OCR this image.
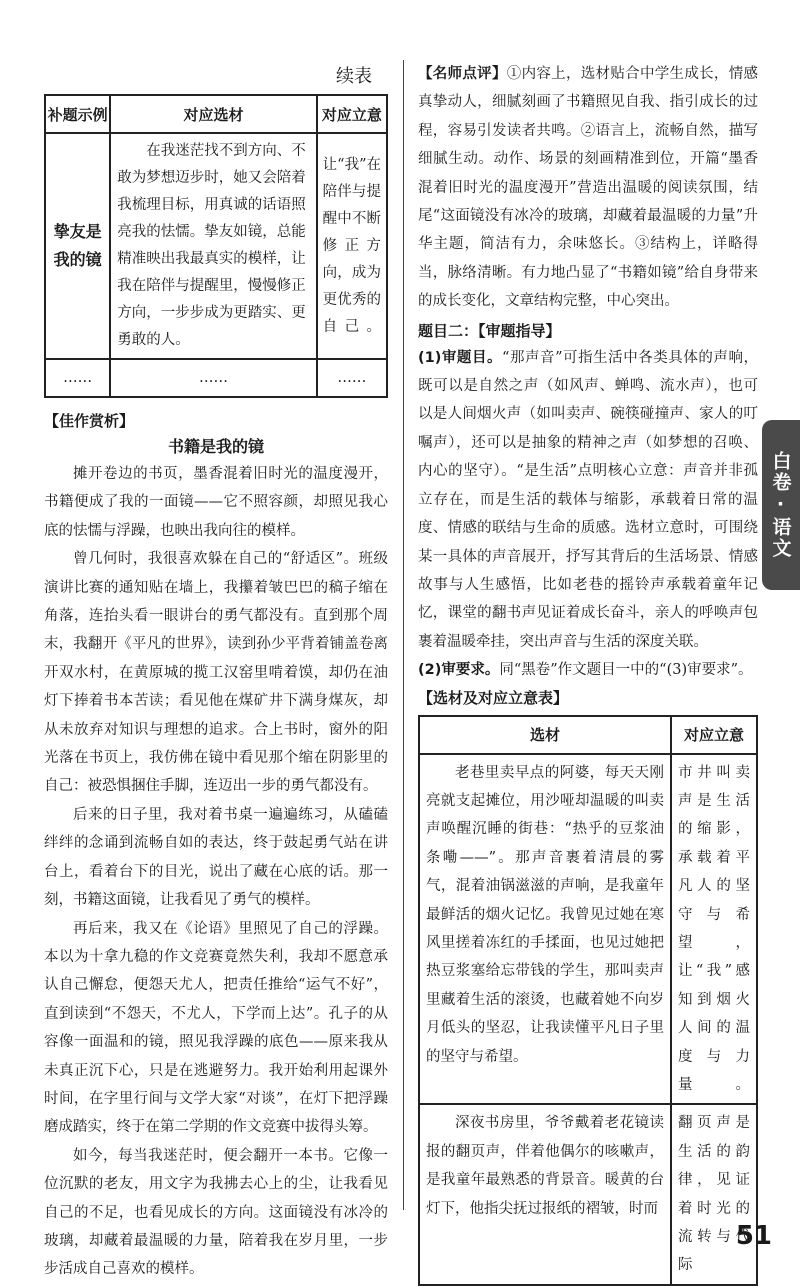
续表
补题示例	对应选材	对应立意
挚友是我的镜	在我迷茫找不到方向、不敢为梦想迈步时，她又会陪着我梳理目标，用真诚的话语照亮我的怯懦。挚友如镜，总能精准映出我最真实的模样，让我在陪伴与提醒里，慢慢修正方向，一步步成为更踏实、更勇敢的人。	让“我”在陪伴与提醒中不断修正方向，成为更优秀的自己。
……	……	……
【佳作赏析】
书籍是我的镜

摊开卷边的书页，墨香混着旧时光的温度漫开，书籍便成了我的一面镜——它不照容颜，却照见我心底的怯懦与浮躁，也映出我向往的模样。

曾几何时，我很喜欢躲在自己的“舒适区”。班级演讲比赛的通知贴在墙上，我攥着皱巴巴的稿子缩在角落，连抬头看一眼讲台的勇气都没有。直到那个周末，我翻开《平凡的世界》，读到孙少平背着铺盖卷离开双水村，在黄原城的揽工汉窑里啃着馍，却仍在油灯下捧着书本苦读；看见他在煤矿井下满身煤灰，却从未放弃对知识与理想的追求。合上书时，窗外的阳光落在书页上，我仿佛在镜中看见那个缩在阴影里的自己：被恐惧捆住手脚，连迈出一步的勇气都没有。

后来的日子里，我对着书桌一遍遍练习，从磕磕绊绊的念诵到流畅自如的表达，终于鼓起勇气站在讲台上，看着台下的目光，说出了藏在心底的话。那一刻，书籍这面镜，让我看见了勇气的模样。

再后来，我又在《论语》里照见了自己的浮躁。本以为十拿九稳的作文竞赛竟然失利，我却不愿意承认自己懈怠，便怨天尤人，把责任推给“运气不好”，直到读到“不怨天，不尤人，下学而上达”。孔子的从容像一面温和的镜，照见我浮躁的底色——原来我从未真正沉下心，只是在逃避努力。我开始利用起课外时间，在字里行间与文学大家“对谈”，在灯下把浮躁磨成踏实，终于在第二学期的作文竞赛中拔得头筹。

如今，每当我迷茫时，便会翻开一本书。它像一位沉默的老友，用文字为我拂去心上的尘，让我看见自己的不足，也看见成长的方向。这面镜没有冰冷的玻璃，却藏着最温暖的力量，陪着我在岁月里，一步步活成自己喜欢的模样。

【名师点评】①内容上，选材贴合中学生成长，情感真挚动人，细腻刻画了书籍照见自我、指引成长的过程，容易引发读者共鸣。②语言上，流畅自然，描写细腻生动。动作、场景的刻画精准到位，开篇“墨香混着旧时光的温度漫开”营造出温暖的阅读氛围，结尾“这面镜没有冰冷的玻璃，却藏着最温暖的力量”升华主题，简洁有力，余味悠长。③结构上，详略得当，脉络清晰。有力地凸显了“书籍如镜”给自身带来的成长变化，文章结构完整，中心突出。

题目二：【审题指导】

(1)审题目。“那声音”可指生活中各类具体的声响，既可以是自然之声（如风声、蝉鸣、流水声），也可以是人间烟火声（如叫卖声、碗筷碰撞声、家人的叮嘱声），还可以是抽象的精神之声（如梦想的召唤、内心的坚守）。“是生活”点明核心立意：声音并非孤立存在，而是生活的载体与缩影，承载着日常的温度、情感的联结与生命的质感。选材立意时，可围绕某一具体的声音展开，抒写其背后的生活场景、情感故事与人生感悟，比如老巷的摇铃声承载着童年记忆，课堂的翻书声见证着成长奋斗，亲人的呼唤声包裹着温暖牵挂，突出声音与生活的深度关联。

(2)审要求。同“黑卷”作文题目一中的“(3)审要求”。

【选材及对应立意表】
选材	对应立意
老巷里卖早点的阿婆，每天天刚亮就支起摊位，用沙哑却温暖的叫卖声唤醒沉睡的街巷：“热乎的豆浆油条嘞——”。那声音裹着清晨的雾气，混着油锅滋滋的声响，是我童年最鲜活的烟火记忆。我曾见过她在寒风里搓着冻红的手揉面，也见过她把热豆浆塞给忘带钱的学生，那叫卖声里藏着生活的滚烫，也藏着她不向岁月低头的坚忍，让我读懂平凡日子里的坚守与希望。	市井叫卖声是生活的缩影，承载着平凡人的坚守与希望，让“我”感知到烟火人间的温度与力量。
深夜书房里，爷爷戴着老花镜读报的翻页声，伴着他偶尔的咳嗽声，是我童年最熟悉的背景音。暖黄的台灯下，他指尖抚过报纸的褶皱，时而	翻页声是生活的韵律，见证着时光的流转与代际
白卷·语文
51
